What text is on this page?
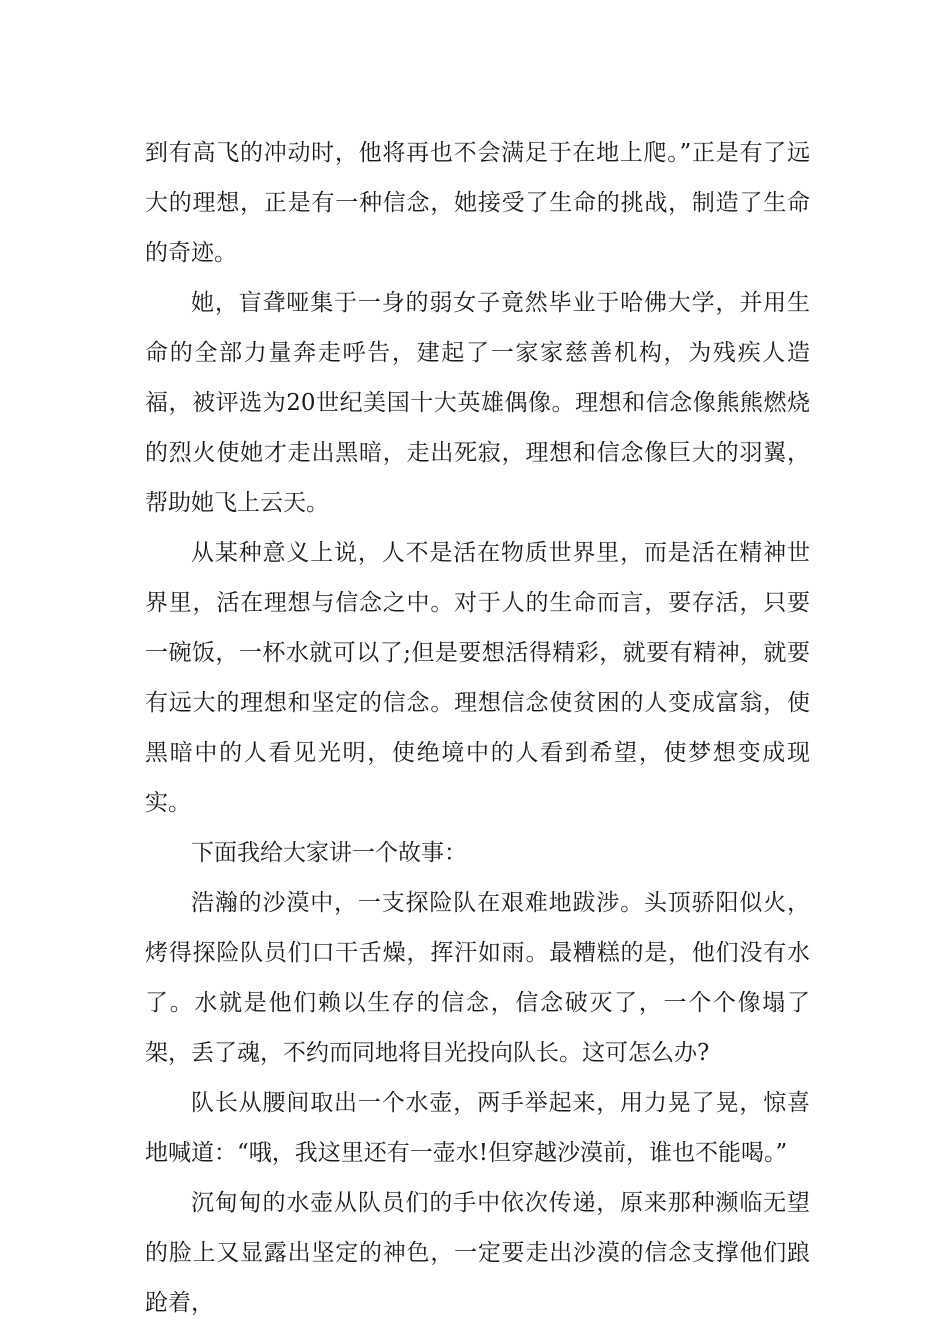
到有高飞的冲动时，他将再也不会满足于在地上爬。”正是有了远大的理想，正是有一种信念，她接受了生命的挑战，制造了生命的奇迹。

她，盲聋哑集于一身的弱女子竟然毕业于哈佛大学，并用生命的全部力量奔走呼告，建起了一家家慈善机构，为残疾人造福，被评选为20世纪美国十大英雄偶像。理想和信念像熊熊燃烧的烈火使她才走出黑暗，走出死寂，理想和信念像巨大的羽翼，帮助她飞上云天。

从某种意义上说，人不是活在物质世界里，而是活在精神世界里，活在理想与信念之中。对于人的生命而言，要存活，只要一碗饭，一杯水就可以了;但是要想活得精彩，就要有精神，就要有远大的理想和坚定的信念。理想信念使贫困的人变成富翁，使黑暗中的人看见光明，使绝境中的人看到希望，使梦想变成现实。

下面我给大家讲一个故事：

浩瀚的沙漠中，一支探险队在艰难地跋涉。头顶骄阳似火，烤得探险队员们口干舌燥，挥汗如雨。最糟糕的是，他们没有水了。水就是他们赖以生存的信念，信念破灭了，一个个像塌了架，丢了魂，不约而同地将目光投向队长。这可怎么办?

队长从腰间取出一个水壶，两手举起来，用力晃了晃，惊喜地喊道：“哦，我这里还有一壶水!但穿越沙漠前，谁也不能喝。”

沉甸甸的水壶从队员们的手中依次传递，原来那种濒临无望的脸上又显露出坚定的神色，一定要走出沙漠的信念支撑他们踉跄着，
